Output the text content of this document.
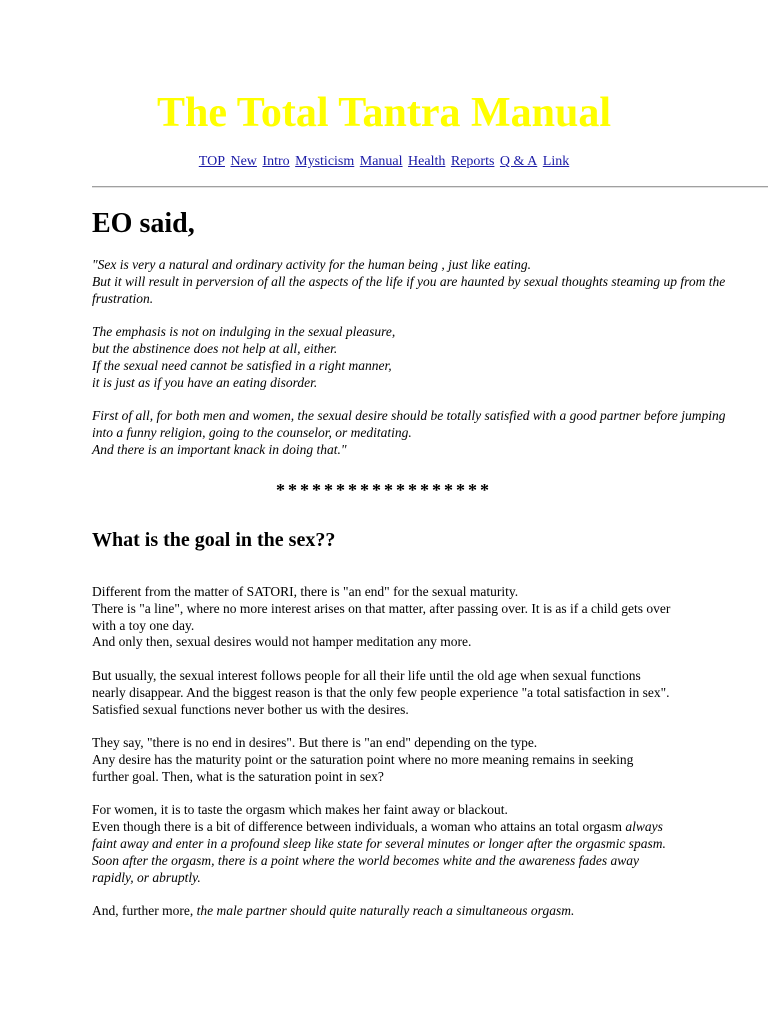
The Total Tantra Manual
TOP New Intro Mysticism Manual Health Reports Q & A Link
EO said,

"Sex is very a natural and ordinary activity for the human being , just like eating.
But it will result in perversion of all the aspects of the life if you are haunted by sexual thoughts steaming up from the frustration.

The emphasis is not on indulging in the sexual pleasure,
but the abstinence does not help at all, either.
If the sexual need cannot be satisfied in a right manner,
it is just as if you have an eating disorder.

First of all, for both men and women, the sexual desire should be totally satisfied with a good partner before jumping into a funny religion, going to the counselor, or meditating.
And there is an important knack in doing that."

******************
What is the goal in the sex??

Different from the matter of SATORI, there is "an end" for the sexual maturity.
There is "a line", where no more interest arises on that matter, after passing over. It is as if a child gets over with a toy one day.
And only then, sexual desires would not hamper meditation any more.

But usually, the sexual interest follows people for all their life until the old age when sexual functions nearly disappear. And the biggest reason is that the only few people experience "a total satisfaction in sex". Satisfied sexual functions never bother us with the desires.

They say, "there is no end in desires". But there is "an end" depending on the type.
Any desire has the maturity point or the saturation point where no more meaning remains in seeking further goal. Then, what is the saturation point in sex?

For women, it is to taste the orgasm which makes her faint away or blackout.
Even though there is a bit of difference between individuals, a woman who attains an total orgasm always faint away and enter in a profound sleep like state for several minutes or longer after the orgasmic spasm.
Soon after the orgasm, there is a point where the world becomes white and the awareness fades away rapidly, or abruptly.

And, further more, the male partner should quite naturally reach a simultaneous orgasm.
